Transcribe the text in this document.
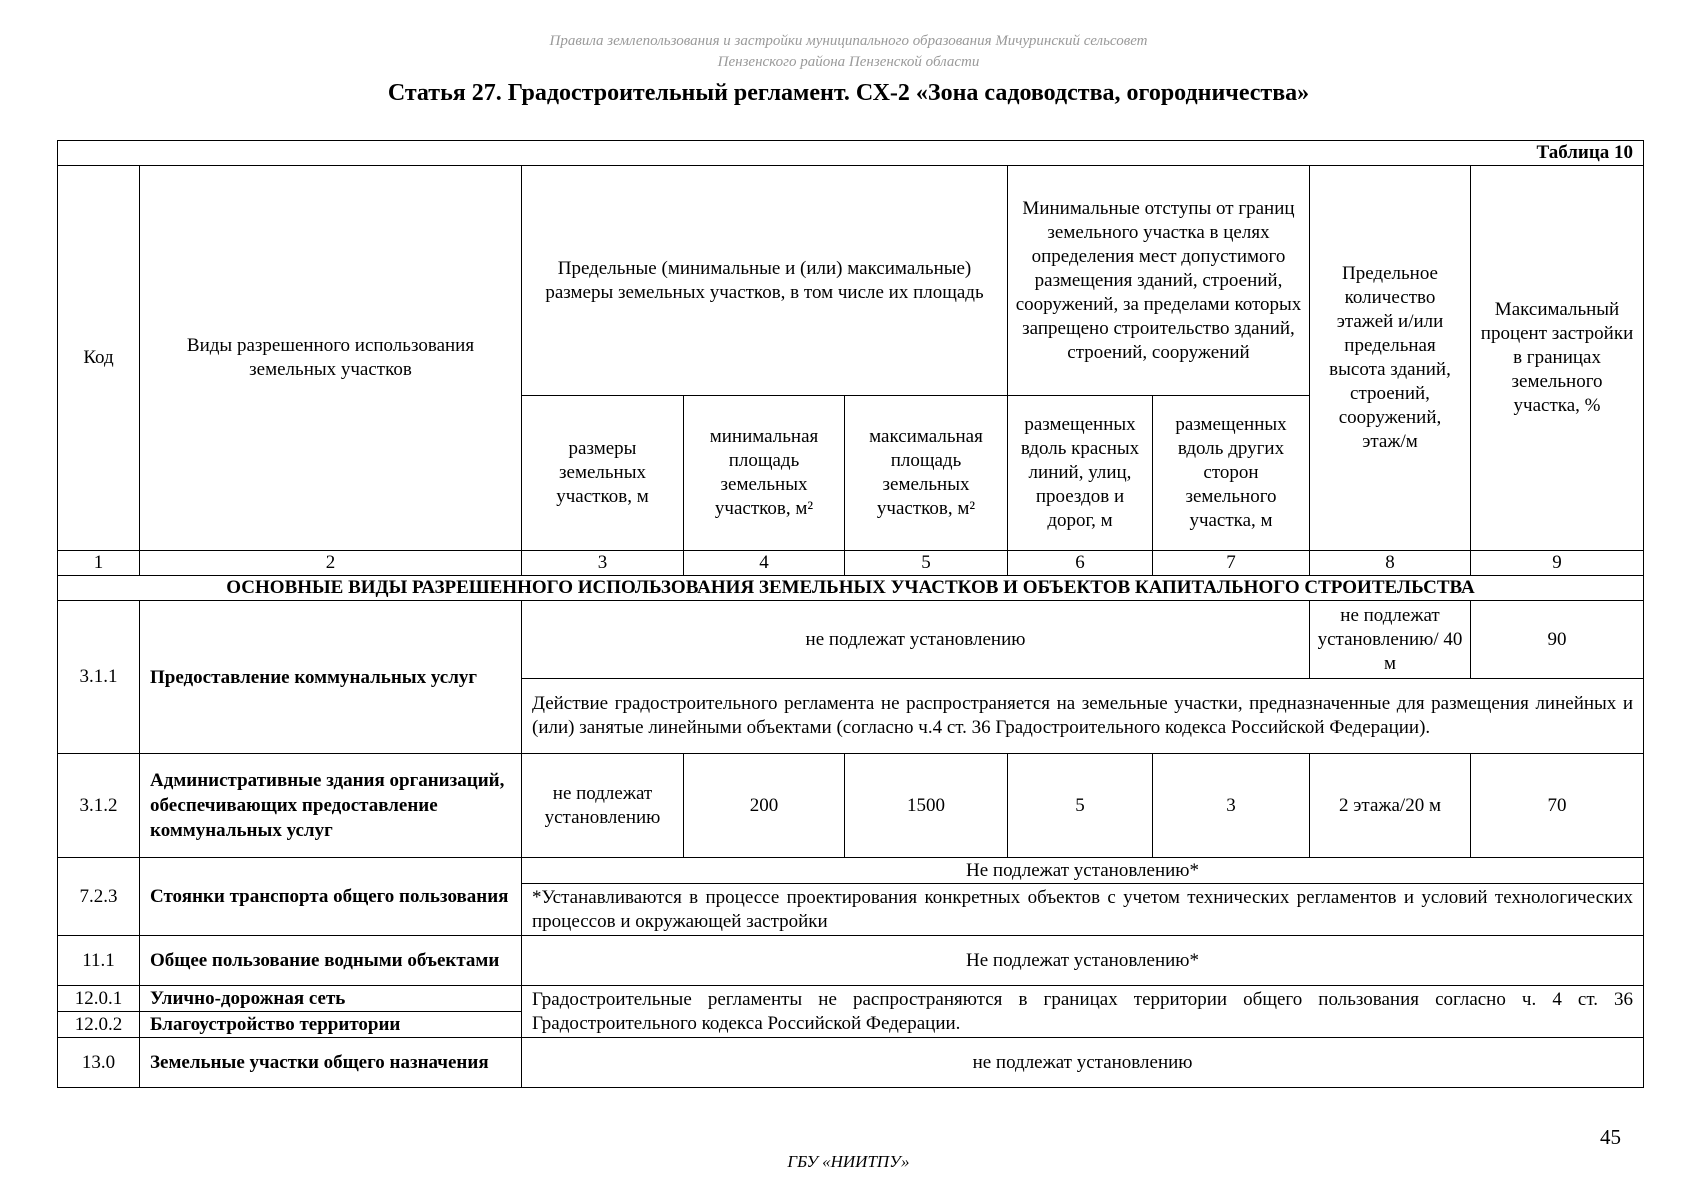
Правила землепользования и застройки муниципального образования Мичуринский сельсовет
Пензенского района Пензенской области
Статья 27. Градостроительный регламент. СХ-2 «Зона садоводства, огородничества»
Таблица 10								
Код	Виды разрешенного использования земельных участков	Предельные (минимальные и (или) максимальные) размеры земельных участков, в том числе их площадь			Минимальные отступы от границ земельного участка в целях определения мест допустимого размещения зданий, строений, сооружений, за пределами которых запрещено строительство зданий, строений, сооружений		Предельное количество этажей и/или предельная высота зданий, строений, сооружений, этаж/м	Максимальный процент застройки в границах земельного участка, %
		размеры земельных участков, м	минимальная площадь земельных участков, м²	максимальная площадь земельных участков, м²	размещенных вдоль красных линий, улиц, проездов и дорог, м	размещенных вдоль других сторон земельного участка, м		
1	2	3	4	5	6	7	8	9
ОСНОВНЫЕ ВИДЫ РАЗРЕШЕННОГО ИСПОЛЬЗОВАНИЯ ЗЕМЕЛЬНЫХ УЧАСТКОВ И ОБЪЕКТОВ КАПИТАЛЬНОГО СТРОИТЕЛЬСТВА								
3.1.1	Предоставление коммунальных услуг	не подлежат установлению					не подлежат установлению/ 40 м	90
		Действие градостроительного регламента не распространяется на земельные участки, предназначенные для размещения линейных и (или) занятые линейными объектами (согласно ч.4 ст. 36 Градостроительного кодекса Российской Федерации).						
3.1.2	Административные здания организаций, обеспечивающих предоставление коммунальных услуг	не подлежат установлению	200	1500	5	3	2 этажа/20 м	70
7.2.3	Стоянки транспорта общего пользования	Не подлежат установлению*						
		*Устанавливаются в процессе проектирования конкретных объектов с учетом технических регламентов и условий технологических процессов и окружающей застройки						
11.1	Общее пользование водными объектами	Не подлежат установлению*						
12.0.1	Улично-дорожная сеть	Градостроительные регламенты не распространяются в границах территории общего пользования согласно ч. 4 ст. 36 Градостроительного кодекса Российской Федерации.						
12.0.2	Благоустройство территории							
13.0	Земельные участки общего назначения	не подлежат установлению						
45
ГБУ «НИИТПУ»
